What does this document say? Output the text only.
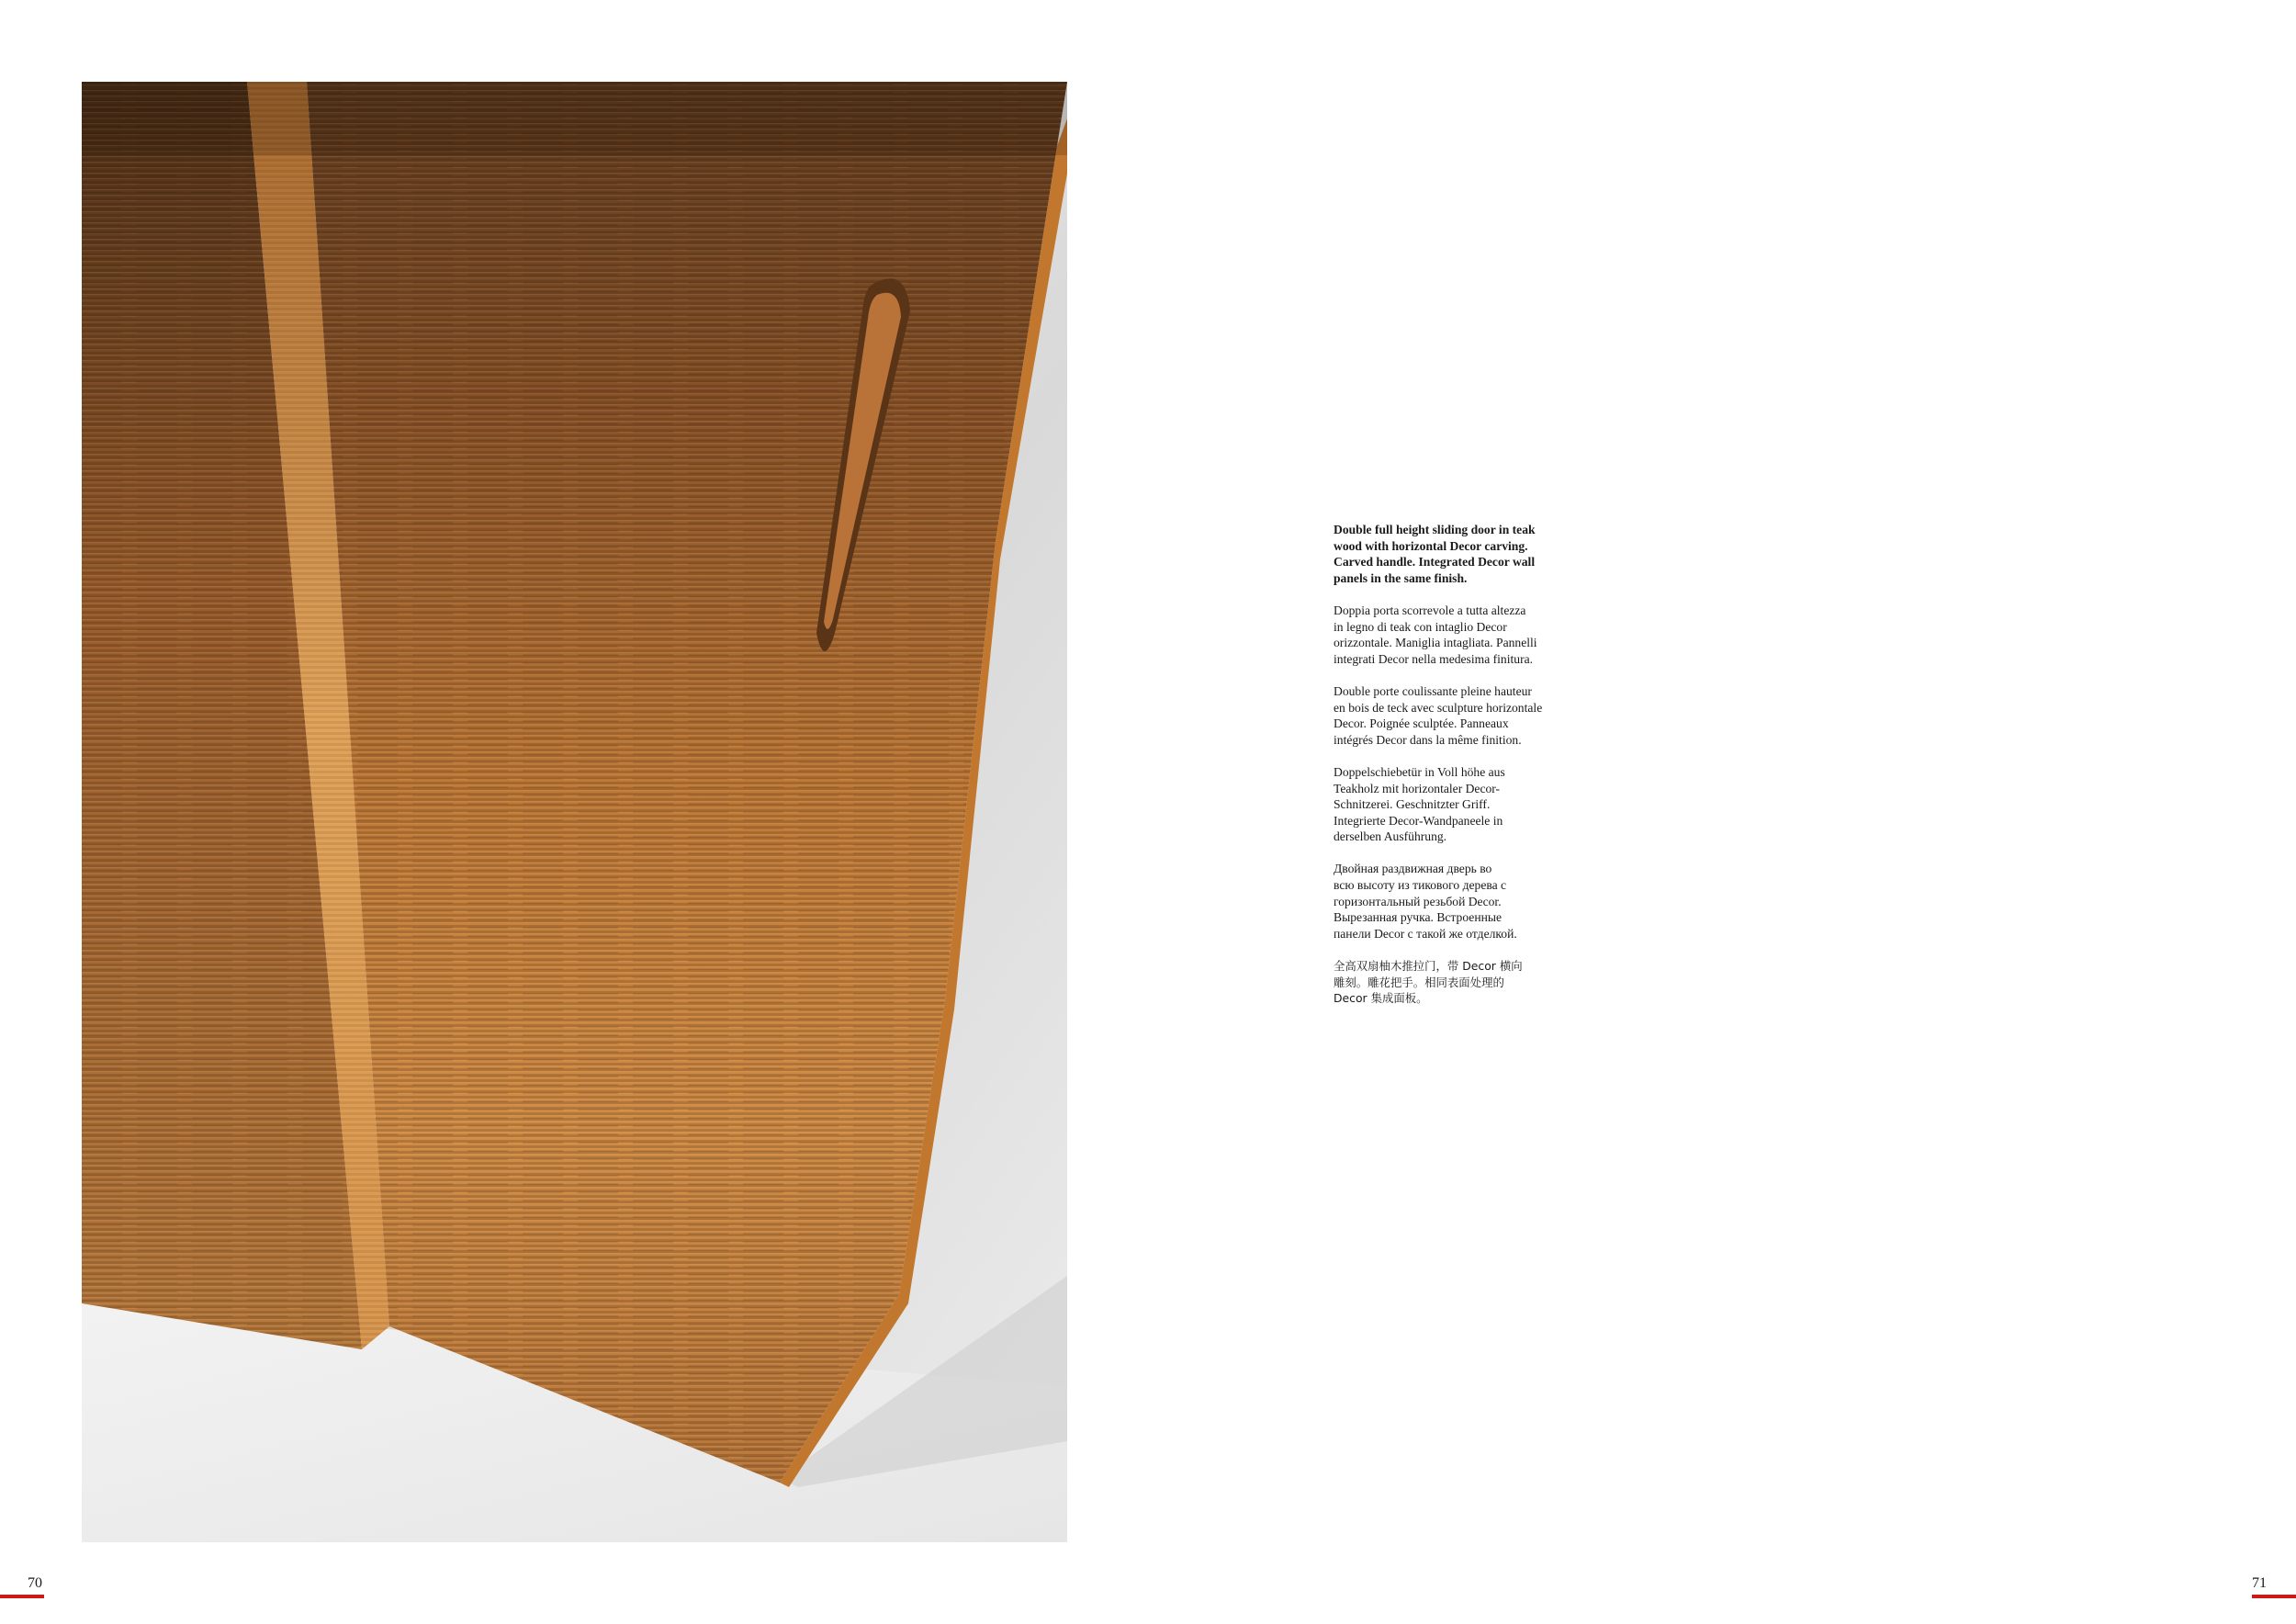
Double full height sliding door in teak
wood with horizontal Decor carving.
Carved handle. Integrated Decor wall
panels in the same finish.

Doppia porta scorrevole a tutta altezza
in legno di teak con intaglio Decor
orizzontale. Maniglia intagliata. Pannelli
integrati Decor nella medesima finitura.

Double porte coulissante pleine hauteur
en bois de teck avec sculpture horizontale
Decor. Poignée sculptée. Panneaux
intégrés Decor dans la même finition.

Doppelschiebetür in Voll höhe aus
Teakholz mit horizontaler Decor-
Schnitzerei. Geschnitzter Griff.
Integrierte Decor-Wandpaneele in
derselben Ausführung.

Двойная раздвижная дверь во
всю высоту из тикового дерева с
горизонтальный резьбой Decor.
Вырезанная ручка. Встроенные
панели Decor с такой же отделкой.

全高双扇柚木推拉门，带 Decor 横向
雕刻。雕花把手。相同表面处理的
Decor 集成面板。

70	71
